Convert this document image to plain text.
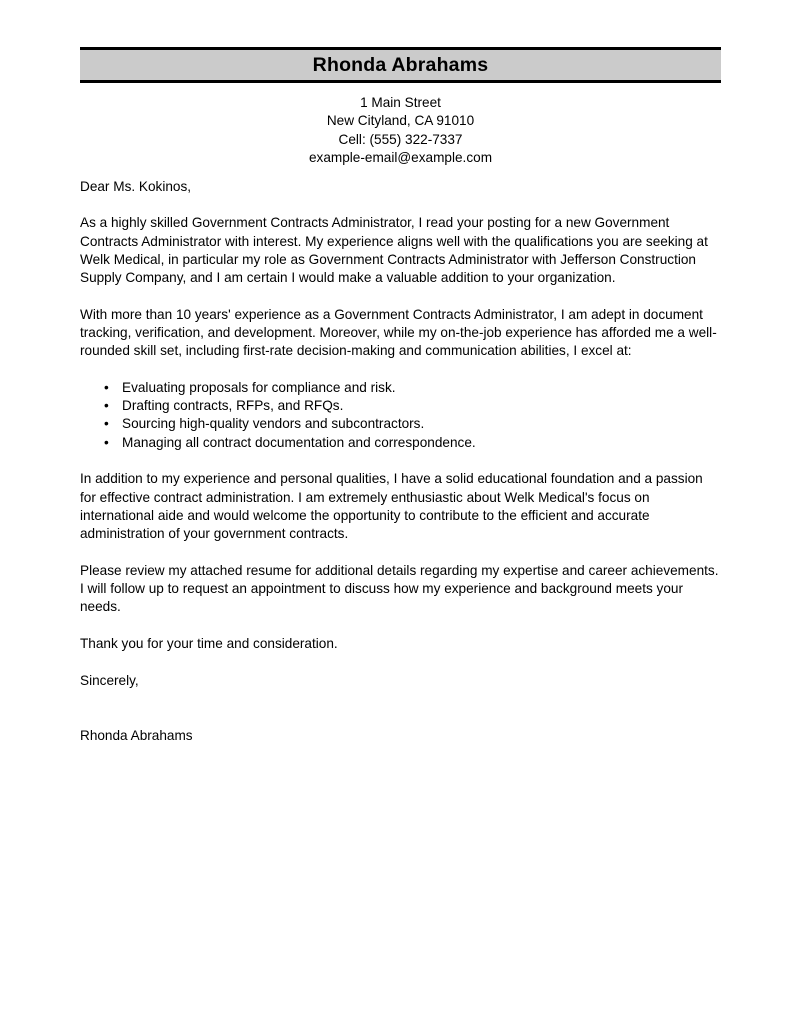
Rhonda Abrahams
1 Main Street
New Cityland, CA 91010
Cell: (555) 322-7337
example-email@example.com

Dear Ms. Kokinos,

As a highly skilled Government Contracts Administrator, I read your posting for a new Government Contracts Administrator with interest. My experience aligns well with the qualifications you are seeking at Welk Medical, in particular my role as Government Contracts Administrator with Jefferson Construction Supply Company, and I am certain I would make a valuable addition to your organization.

With more than 10 years' experience as a Government Contracts Administrator, I am adept in document tracking, verification, and development. Moreover, while my on-the-job experience has afforded me a well-rounded skill set, including first-rate decision-making and communication abilities, I excel at:

• Evaluating proposals for compliance and risk.
• Drafting contracts, RFPs, and RFQs.
• Sourcing high-quality vendors and subcontractors.
• Managing all contract documentation and correspondence.

In addition to my experience and personal qualities, I have a solid educational foundation and a passion for effective contract administration. I am extremely enthusiastic about Welk Medical's focus on international aide and would welcome the opportunity to contribute to the efficient and accurate administration of your government contracts.

Please review my attached resume for additional details regarding my expertise and career achievements. I will follow up to request an appointment to discuss how my experience and background meets your needs.

Thank you for your time and consideration.

Sincerely,

Rhonda Abrahams
